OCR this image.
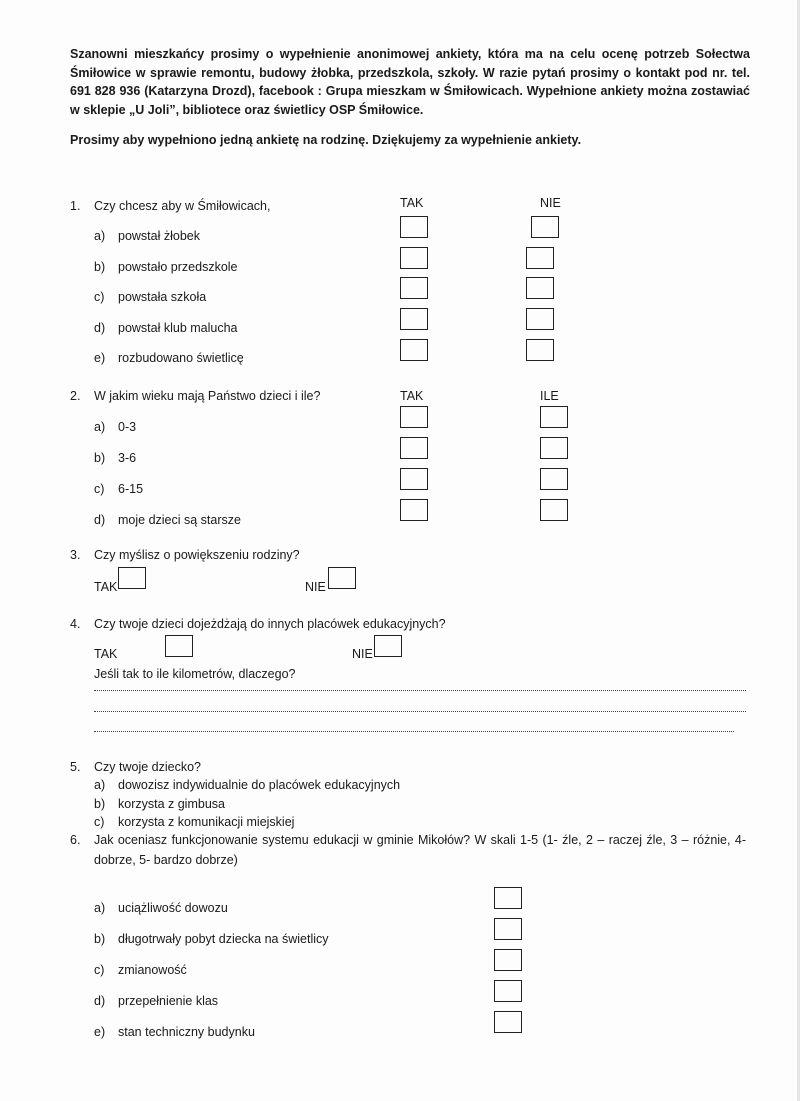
Szanowni mieszkańcy prosimy o wypełnienie anonimowej ankiety, która ma na celu ocenę potrzeb Sołectwa Śmiłowice w sprawie remontu, budowy żłobka, przedszkola, szkoły. W razie pytań prosimy o kontakt pod nr. tel. 691 828 936 (Katarzyna Drozd), facebook : Grupa mieszkam w Śmiłowicach. Wypełnione ankiety można zostawiać w sklepie „U Joli”, bibliotece oraz świetlicy OSP Śmiłowice.

Prosimy aby wypełniono jedną ankietę na rodzinę. Dziękujemy za wypełnienie ankiety.
1. Czy chcesz aby w Śmiłowicach,	TAK	NIE
a) powstał żłobek
b) powstało przedszkole
c) powstała szkoła
d) powstał klub malucha
e) rozbudowano świetlicę
2. W jakim wieku mają Państwo dzieci i ile?	TAK	ILE
a) 0-3
b) 3-6
c) 6-15
d) moje dzieci są starsze
3. Czy myślisz o powiększeniu rodziny?
TAK	NIE
4. Czy twoje dzieci dojeżdżają do innych placówek edukacyjnych?
TAK	NIE
Jeśli tak to ile kilometrów, dlaczego?
5. Czy twoje dziecko?
a) dowozisz indywidualnie do placówek edukacyjnych
b) korzysta z gimbusa
c) korzysta z komunikacji miejskiej
6. Jak oceniasz funkcjonowanie systemu edukacji w gminie Mikołów? W skali 1-5 (1- źle, 2 – raczej źle, 3 – różnie, 4- dobrze, 5- bardzo dobrze)
a) uciążliwość dowozu
b) długotrwały pobyt dziecka na świetlicy
c) zmianowość
d) przepełnienie klas
e) stan techniczny budynku
